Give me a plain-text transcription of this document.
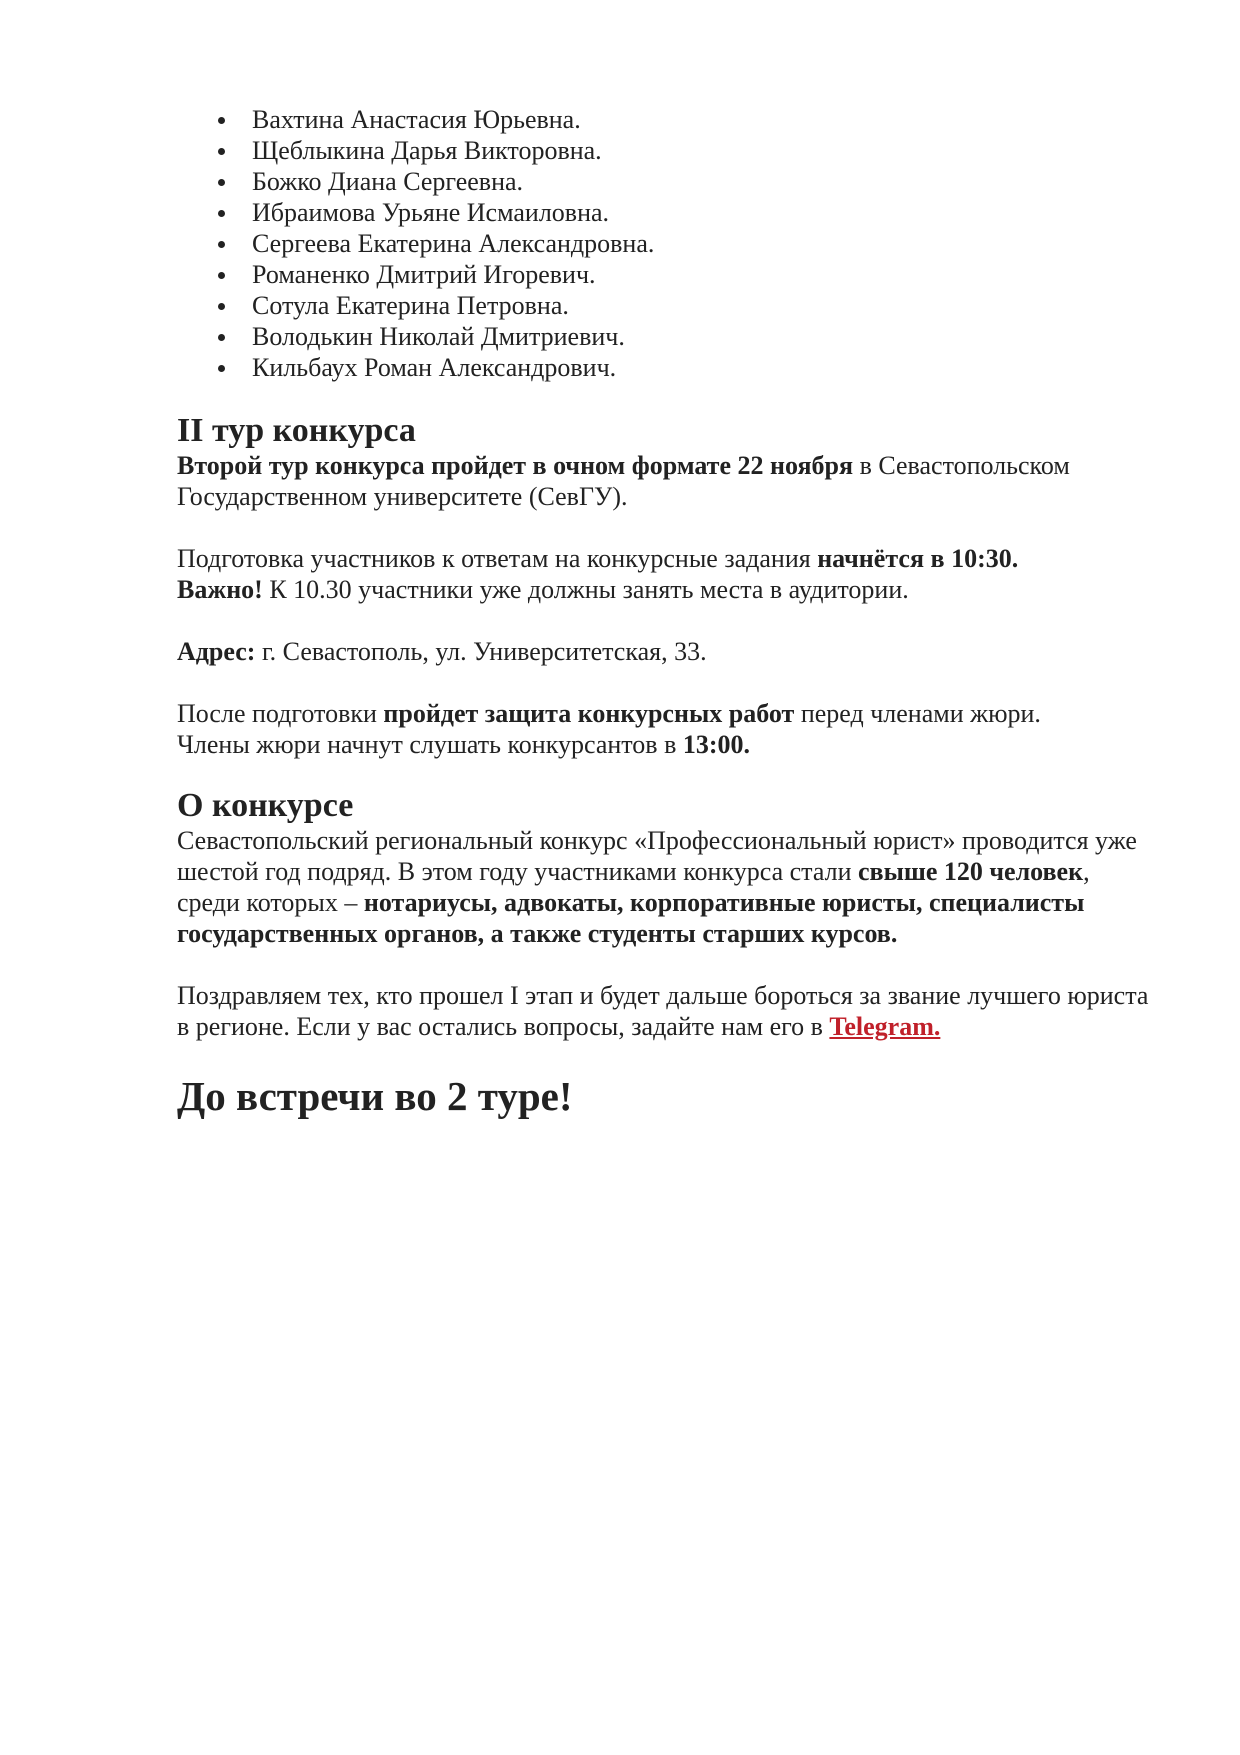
Вахтина Анастасия Юрьевна.
Щеблыкина Дарья Викторовна.
Божко Диана Сергеевна.
Ибраимова Урьяне Исмаиловна.
Сергеева Екатерина Александровна.
Романенко Дмитрий Игоревич.
Сотула Екатерина Петровна.
Володькин Николай Дмитриевич.
Кильбаух Роман Александрович.
II тур конкурса

Второй тур конкурса пройдет в очном формате 22 ноября в Севастопольском Государственном университете (СевГУ).

Подготовка участников к ответам на конкурсные задания начнётся в 10:30.
Важно! К 10.30 участники уже должны занять места в аудитории.

Адрес: г. Севастополь, ул. Университетская, 33.

После подготовки пройдет защита конкурсных работ перед членами жюри.
Члены жюри начнут слушать конкурсантов в 13:00.

О конкурсе

Севастопольский региональный конкурс «Профессиональный юрист» проводится уже шестой год подряд. В этом году участниками конкурса стали свыше 120 человек, среди которых – нотариусы, адвокаты, корпоративные юристы, специалисты государственных органов, а также студенты старших курсов.

Поздравляем тех, кто прошел I этап и будет дальше бороться за звание лучшего юриста в регионе. Если у вас остались вопросы, задайте нам его в Telegram.

До встречи во 2 туре!
